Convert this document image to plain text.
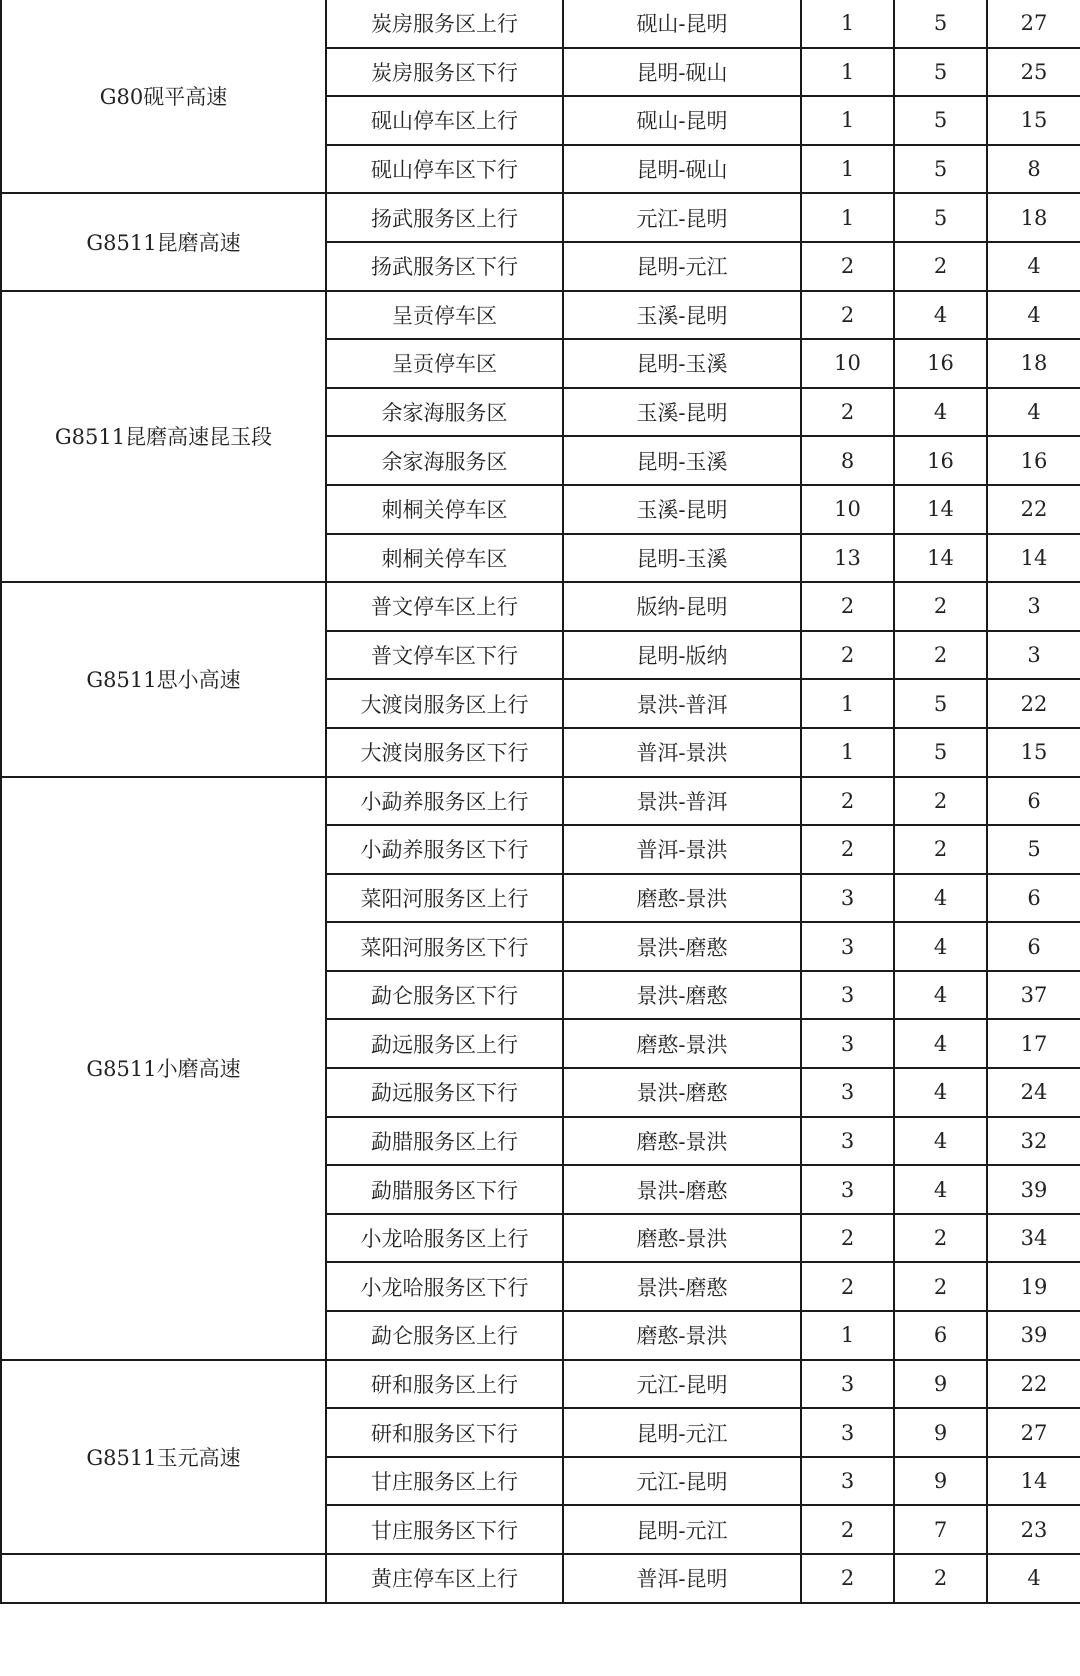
G80砚平高速	炭房服务区上行	砚山-昆明	1	5	27
	炭房服务区下行	昆明-砚山	1	5	25
	砚山停车区上行	砚山-昆明	1	5	15
	砚山停车区下行	昆明-砚山	1	5	8
G8511昆磨高速	扬武服务区上行	元江-昆明	1	5	18
	扬武服务区下行	昆明-元江	2	2	4
G8511昆磨高速昆玉段	呈贡停车区	玉溪-昆明	2	4	4
	呈贡停车区	昆明-玉溪	10	16	18
	余家海服务区	玉溪-昆明	2	4	4
	余家海服务区	昆明-玉溪	8	16	16
	刺桐关停车区	玉溪-昆明	10	14	22
	刺桐关停车区	昆明-玉溪	13	14	14
G8511思小高速	普文停车区上行	版纳-昆明	2	2	3
	普文停车区下行	昆明-版纳	2	2	3
	大渡岗服务区上行	景洪-普洱	1	5	22
	大渡岗服务区下行	普洱-景洪	1	5	15
G8511小磨高速	小勐养服务区上行	景洪-普洱	2	2	6
	小勐养服务区下行	普洱-景洪	2	2	5
	菜阳河服务区上行	磨憨-景洪	3	4	6
	菜阳河服务区下行	景洪-磨憨	3	4	6
	勐仑服务区下行	景洪-磨憨	3	4	37
	勐远服务区上行	磨憨-景洪	3	4	17
	勐远服务区下行	景洪-磨憨	3	4	24
	勐腊服务区上行	磨憨-景洪	3	4	32
	勐腊服务区下行	景洪-磨憨	3	4	39
	小龙哈服务区上行	磨憨-景洪	2	2	34
	小龙哈服务区下行	景洪-磨憨	2	2	19
	勐仑服务区上行	磨憨-景洪	1	6	39
G8511玉元高速	研和服务区上行	元江-昆明	3	9	22
	研和服务区下行	昆明-元江	3	9	27
	甘庄服务区上行	元江-昆明	3	9	14
	甘庄服务区下行	昆明-元江	2	7	23
	黄庄停车区上行	普洱-昆明	2	2	4
